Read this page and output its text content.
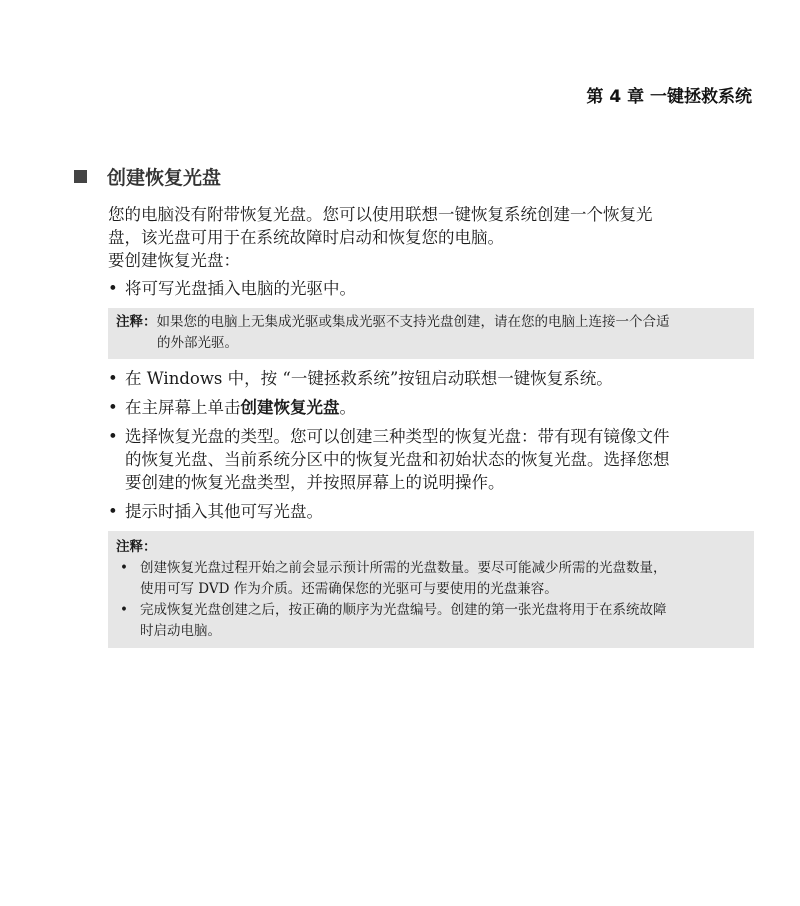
第 4 章 一键拯救系统
创建恢复光盘

您的电脑没有附带恢复光盘。您可以使用联想一键恢复系统创建一个恢复光

盘，该光盘可用于在系统故障时启动和恢复您的电脑。

要创建恢复光盘：

• 将可写光盘插入电脑的光驱中。

注释：如果您的电脑上无集成光驱或集成光驱不支持光盘创建，请在您的电脑上连接一个合适
的外部光驱。

• 在 Windows 中，按 “一键拯救系统”按钮启动联想一键恢复系统。

• 在主屏幕上单击创建恢复光盘。

• 选择恢复光盘的类型。您可以创建三种类型的恢复光盘：带有现有镜像文件
的恢复光盘、当前系统分区中的恢复光盘和初始状态的恢复光盘。选择您想
要创建的恢复光盘类型，并按照屏幕上的说明操作。

• 提示时插入其他可写光盘。

注释：
• 创建恢复光盘过程开始之前会显示预计所需的光盘数量。要尽可能减少所需的光盘数量，
使用可写 DVD 作为介质。还需确保您的光驱可与要使用的光盘兼容。
• 完成恢复光盘创建之后，按正确的顺序为光盘编号。创建的第一张光盘将用于在系统故障
时启动电脑。
